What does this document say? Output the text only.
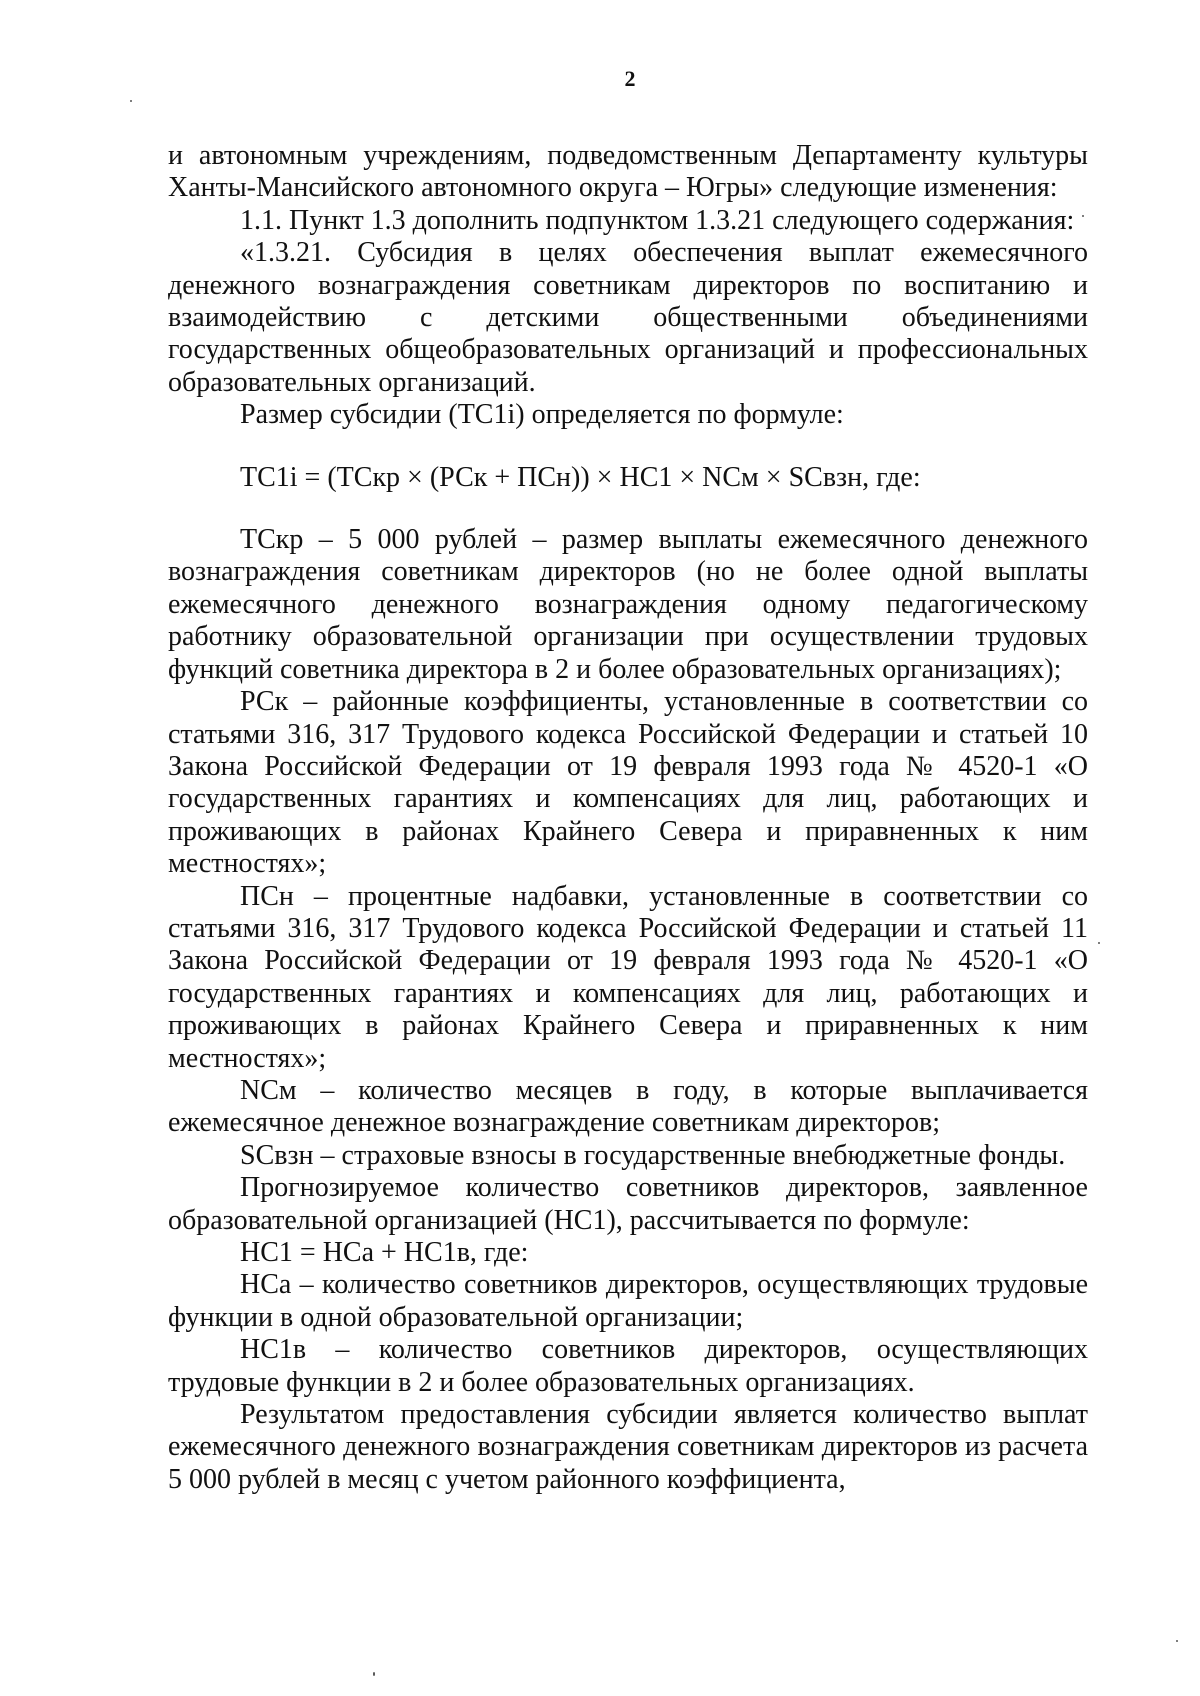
2

и автономным учреждениям, подведомственным Департаменту культуры Ханты-Мансийского автономного округа – Югры» следующие изменения:

1.1. Пункт 1.3 дополнить подпунктом 1.3.21 следующего содержания:

«1.3.21. Субсидия в целях обеспечения выплат ежемесячного денежного вознаграждения советникам директоров по воспитанию и взаимодействию с детскими общественными объединениями государственных общеобразовательных организаций и профессиональных образовательных организаций.

Размер субсидии (ТС1i) определяется по формуле:

ТС1i = (ТСкр × (РСк + ПСн)) × НС1 × NСм × SСвзн, где:

ТСкр – 5 000 рублей – размер выплаты ежемесячного денежного вознаграждения советникам директоров (но не более одной выплаты ежемесячного денежного вознаграждения одному педагогическому работнику образовательной организации при осуществлении трудовых функций советника директора в 2 и более образовательных организациях);

РСк – районные коэффициенты, установленные в соответствии со статьями 316, 317 Трудового кодекса Российской Федерации и статьей 10 Закона Российской Федерации от 19 февраля 1993 года № 4520-1 «О государственных гарантиях и компенсациях для лиц, работающих и проживающих в районах Крайнего Севера и приравненных к ним местностях»;

ПСн – процентные надбавки, установленные в соответствии со статьями 316, 317 Трудового кодекса Российской Федерации и статьей 11 Закона Российской Федерации от 19 февраля 1993 года № 4520-1 «О государственных гарантиях и компенсациях для лиц, работающих и проживающих в районах Крайнего Севера и приравненных к ним местностях»;

NСм – количество месяцев в году, в которые выплачивается ежемесячное денежное вознаграждение советникам директоров;

SСвзн – страховые взносы в государственные внебюджетные фонды.

Прогнозируемое количество советников директоров, заявленное образовательной организацией (НС1), рассчитывается по формуле:

НС1 = НСа + НС1в, где:

НСа – количество советников директоров, осуществляющих трудовые функции в одной образовательной организации;

НС1в – количество советников директоров, осуществляющих трудовые функции в 2 и более образовательных организациях.

Результатом предоставления субсидии является количество выплат ежемесячного денежного вознаграждения советникам директоров из расчета 5 000 рублей в месяц с учетом районного коэффициента,
